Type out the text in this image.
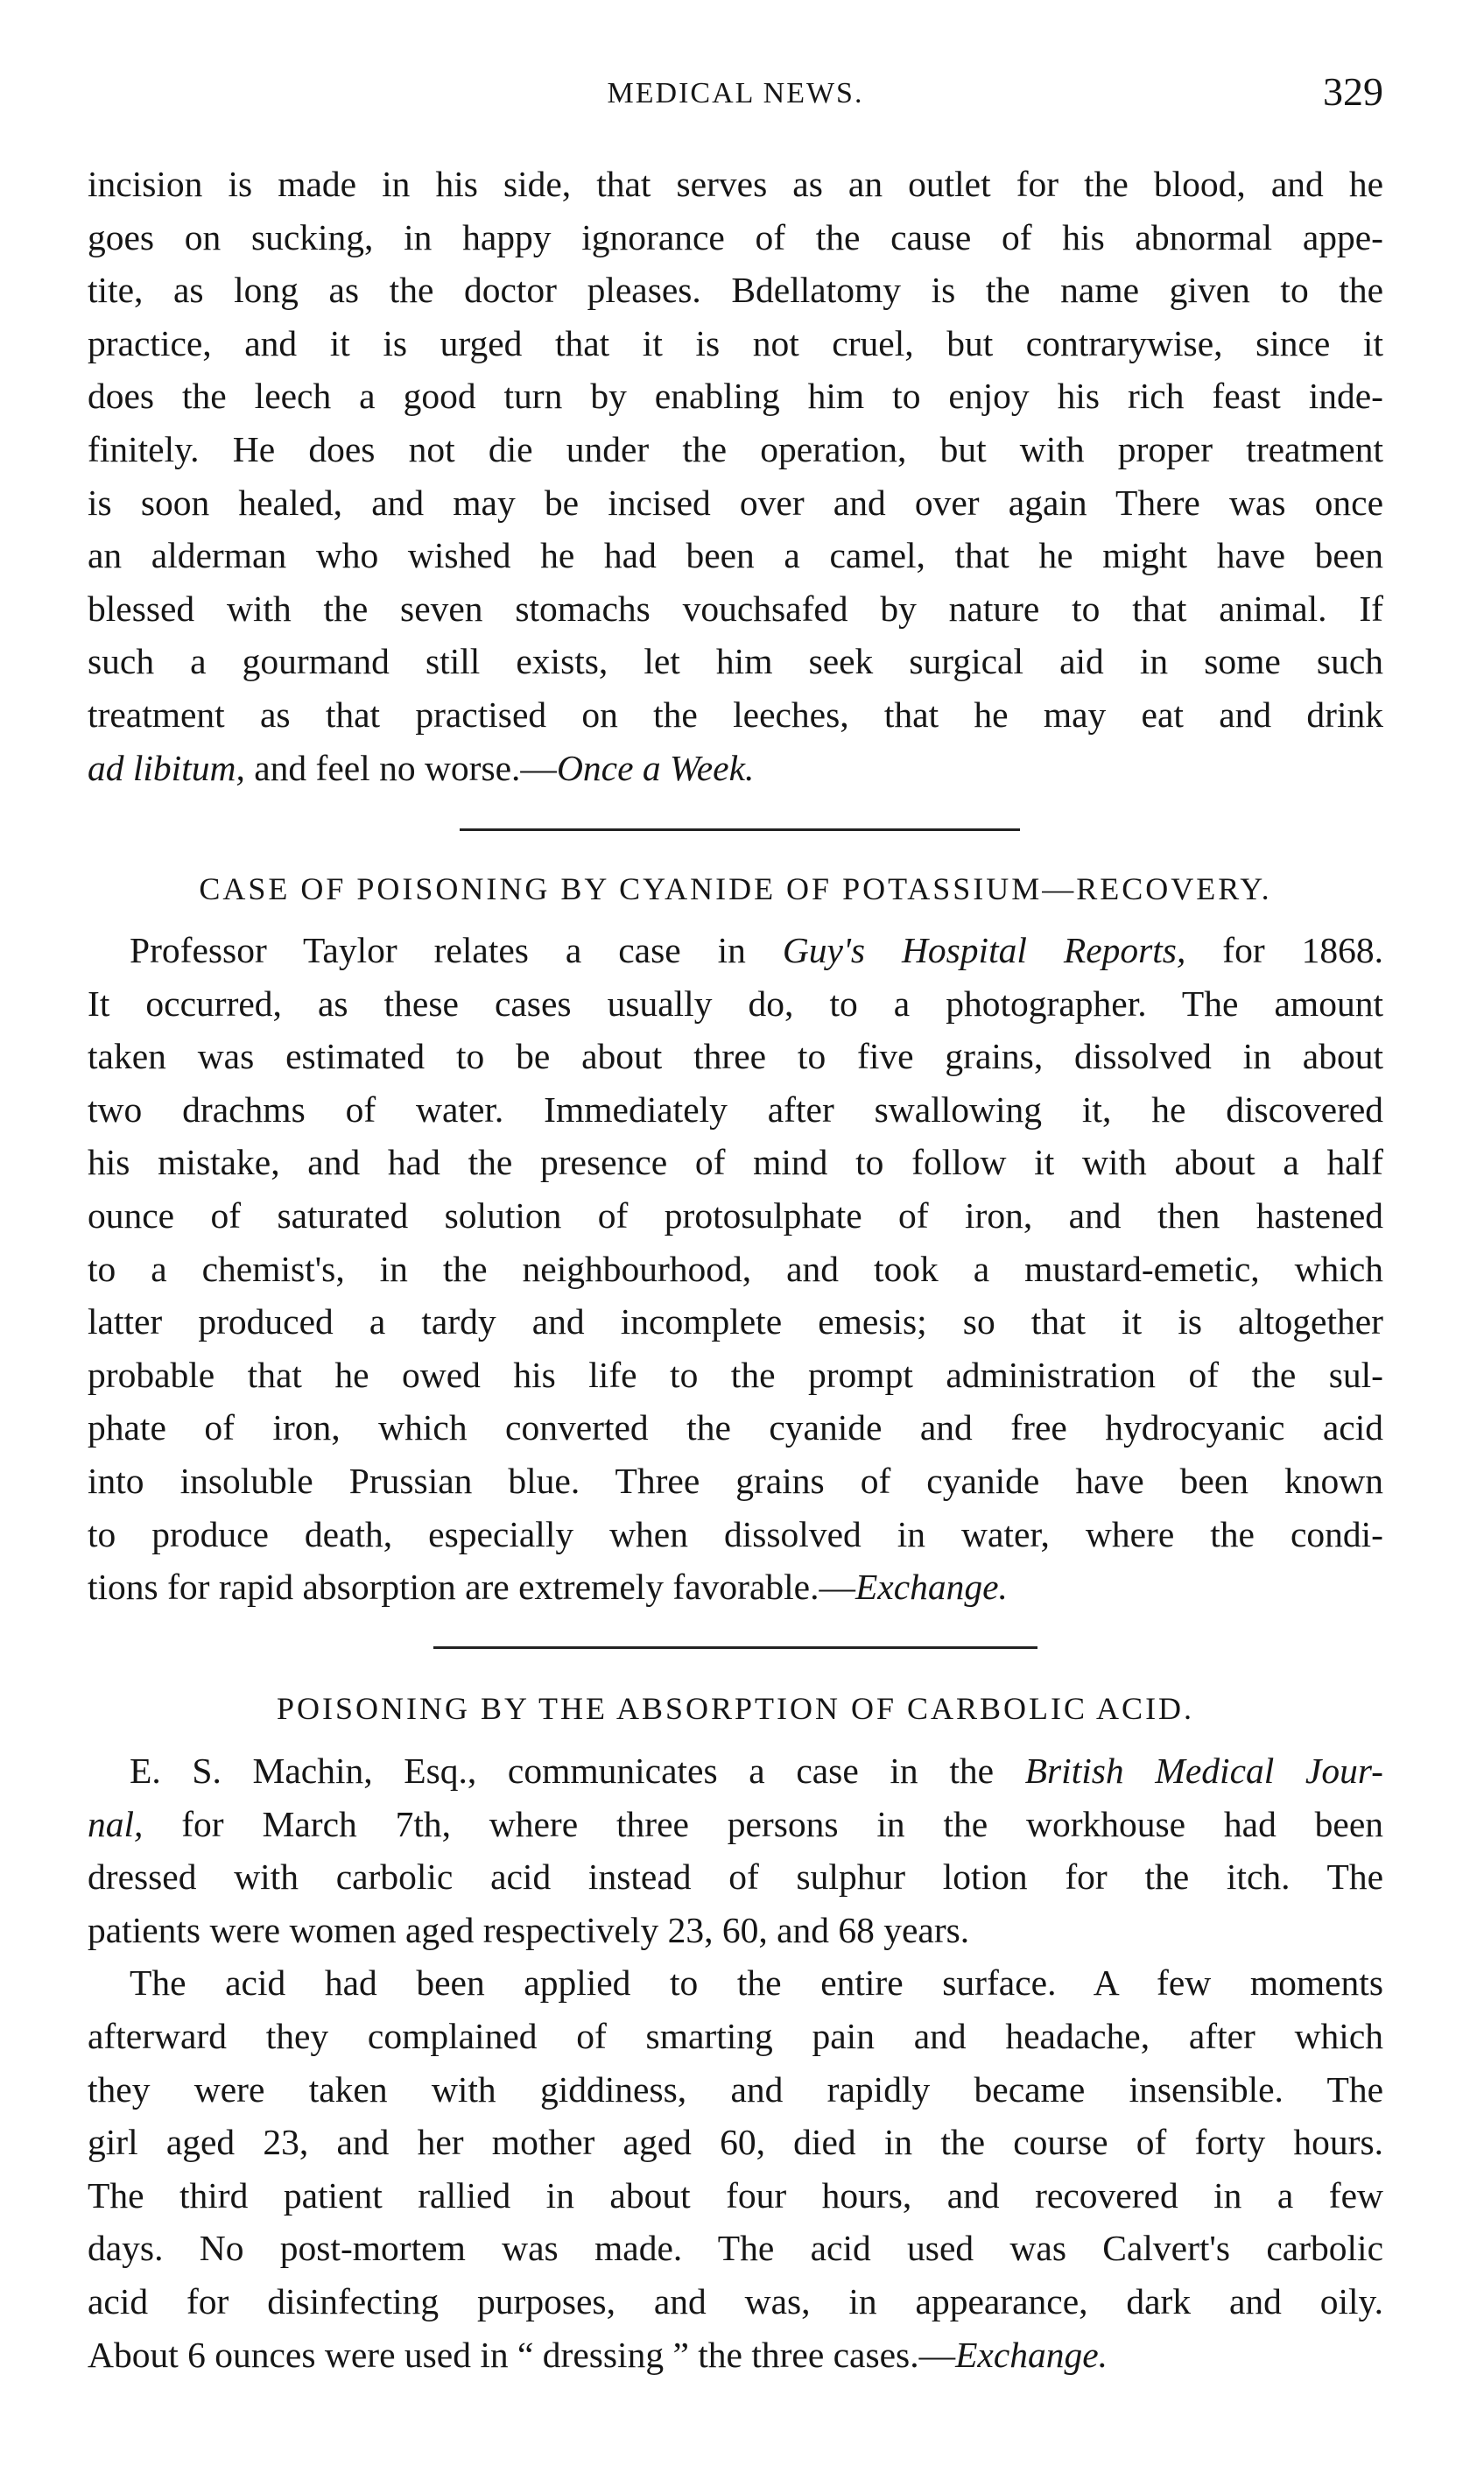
MEDICAL NEWS.	329

incision is made in his side, that serves as an outlet for the blood, and he
goes on sucking, in happy ignorance of the cause of his abnormal appe-
tite, as long as the doctor pleases. Bdellatomy is the name given to the
practice, and it is urged that it is not cruel, but contrarywise, since it
does the leech a good turn by enabling him to enjoy his rich feast inde-
finitely. He does not die under the operation, but with proper treatment
is soon healed, and may be incised over and over again There was once
an alderman who wished he had been a camel, that he might have been
blessed with the seven stomachs vouchsafed by nature to that animal. If
such a gourmand still exists, let him seek surgical aid in some such
treatment as that practised on the leeches, that he may eat and drink
ad libitum, and feel no worse.—Once a Week.

CASE OF POISONING BY CYANIDE OF POTASSIUM—RECOVERY.

Professor Taylor relates a case in Guy's Hospital Reports, for 1868.
It occurred, as these cases usually do, to a photographer. The amount
taken was estimated to be about three to five grains, dissolved in about
two drachms of water. Immediately after swallowing it, he discovered
his mistake, and had the presence of mind to follow it with about a half
ounce of saturated solution of protosulphate of iron, and then hastened
to a chemist's, in the neighbourhood, and took a mustard-emetic, which
latter produced a tardy and incomplete emesis; so that it is altogether
probable that he owed his life to the prompt administration of the sul-
phate of iron, which converted the cyanide and free hydrocyanic acid
into insoluble Prussian blue. Three grains of cyanide have been known
to produce death, especially when dissolved in water, where the condi-
tions for rapid absorption are extremely favorable.—Exchange.

POISONING BY THE ABSORPTION OF CARBOLIC ACID.

E. S. Machin, Esq., communicates a case in the British Medical Jour-
nal, for March 7th, where three persons in the workhouse had been
dressed with carbolic acid instead of sulphur lotion for the itch. The
patients were women aged respectively 23, 60, and 68 years.

The acid had been applied to the entire surface. A few moments
afterward they complained of smarting pain and headache, after which
they were taken with giddiness, and rapidly became insensible. The
girl aged 23, and her mother aged 60, died in the course of forty hours.
The third patient rallied in about four hours, and recovered in a few
days. No post-mortem was made. The acid used was Calvert's carbolic
acid for disinfecting purposes, and was, in appearance, dark and oily.
About 6 ounces were used in “ dressing ” the three cases.—Exchange.
